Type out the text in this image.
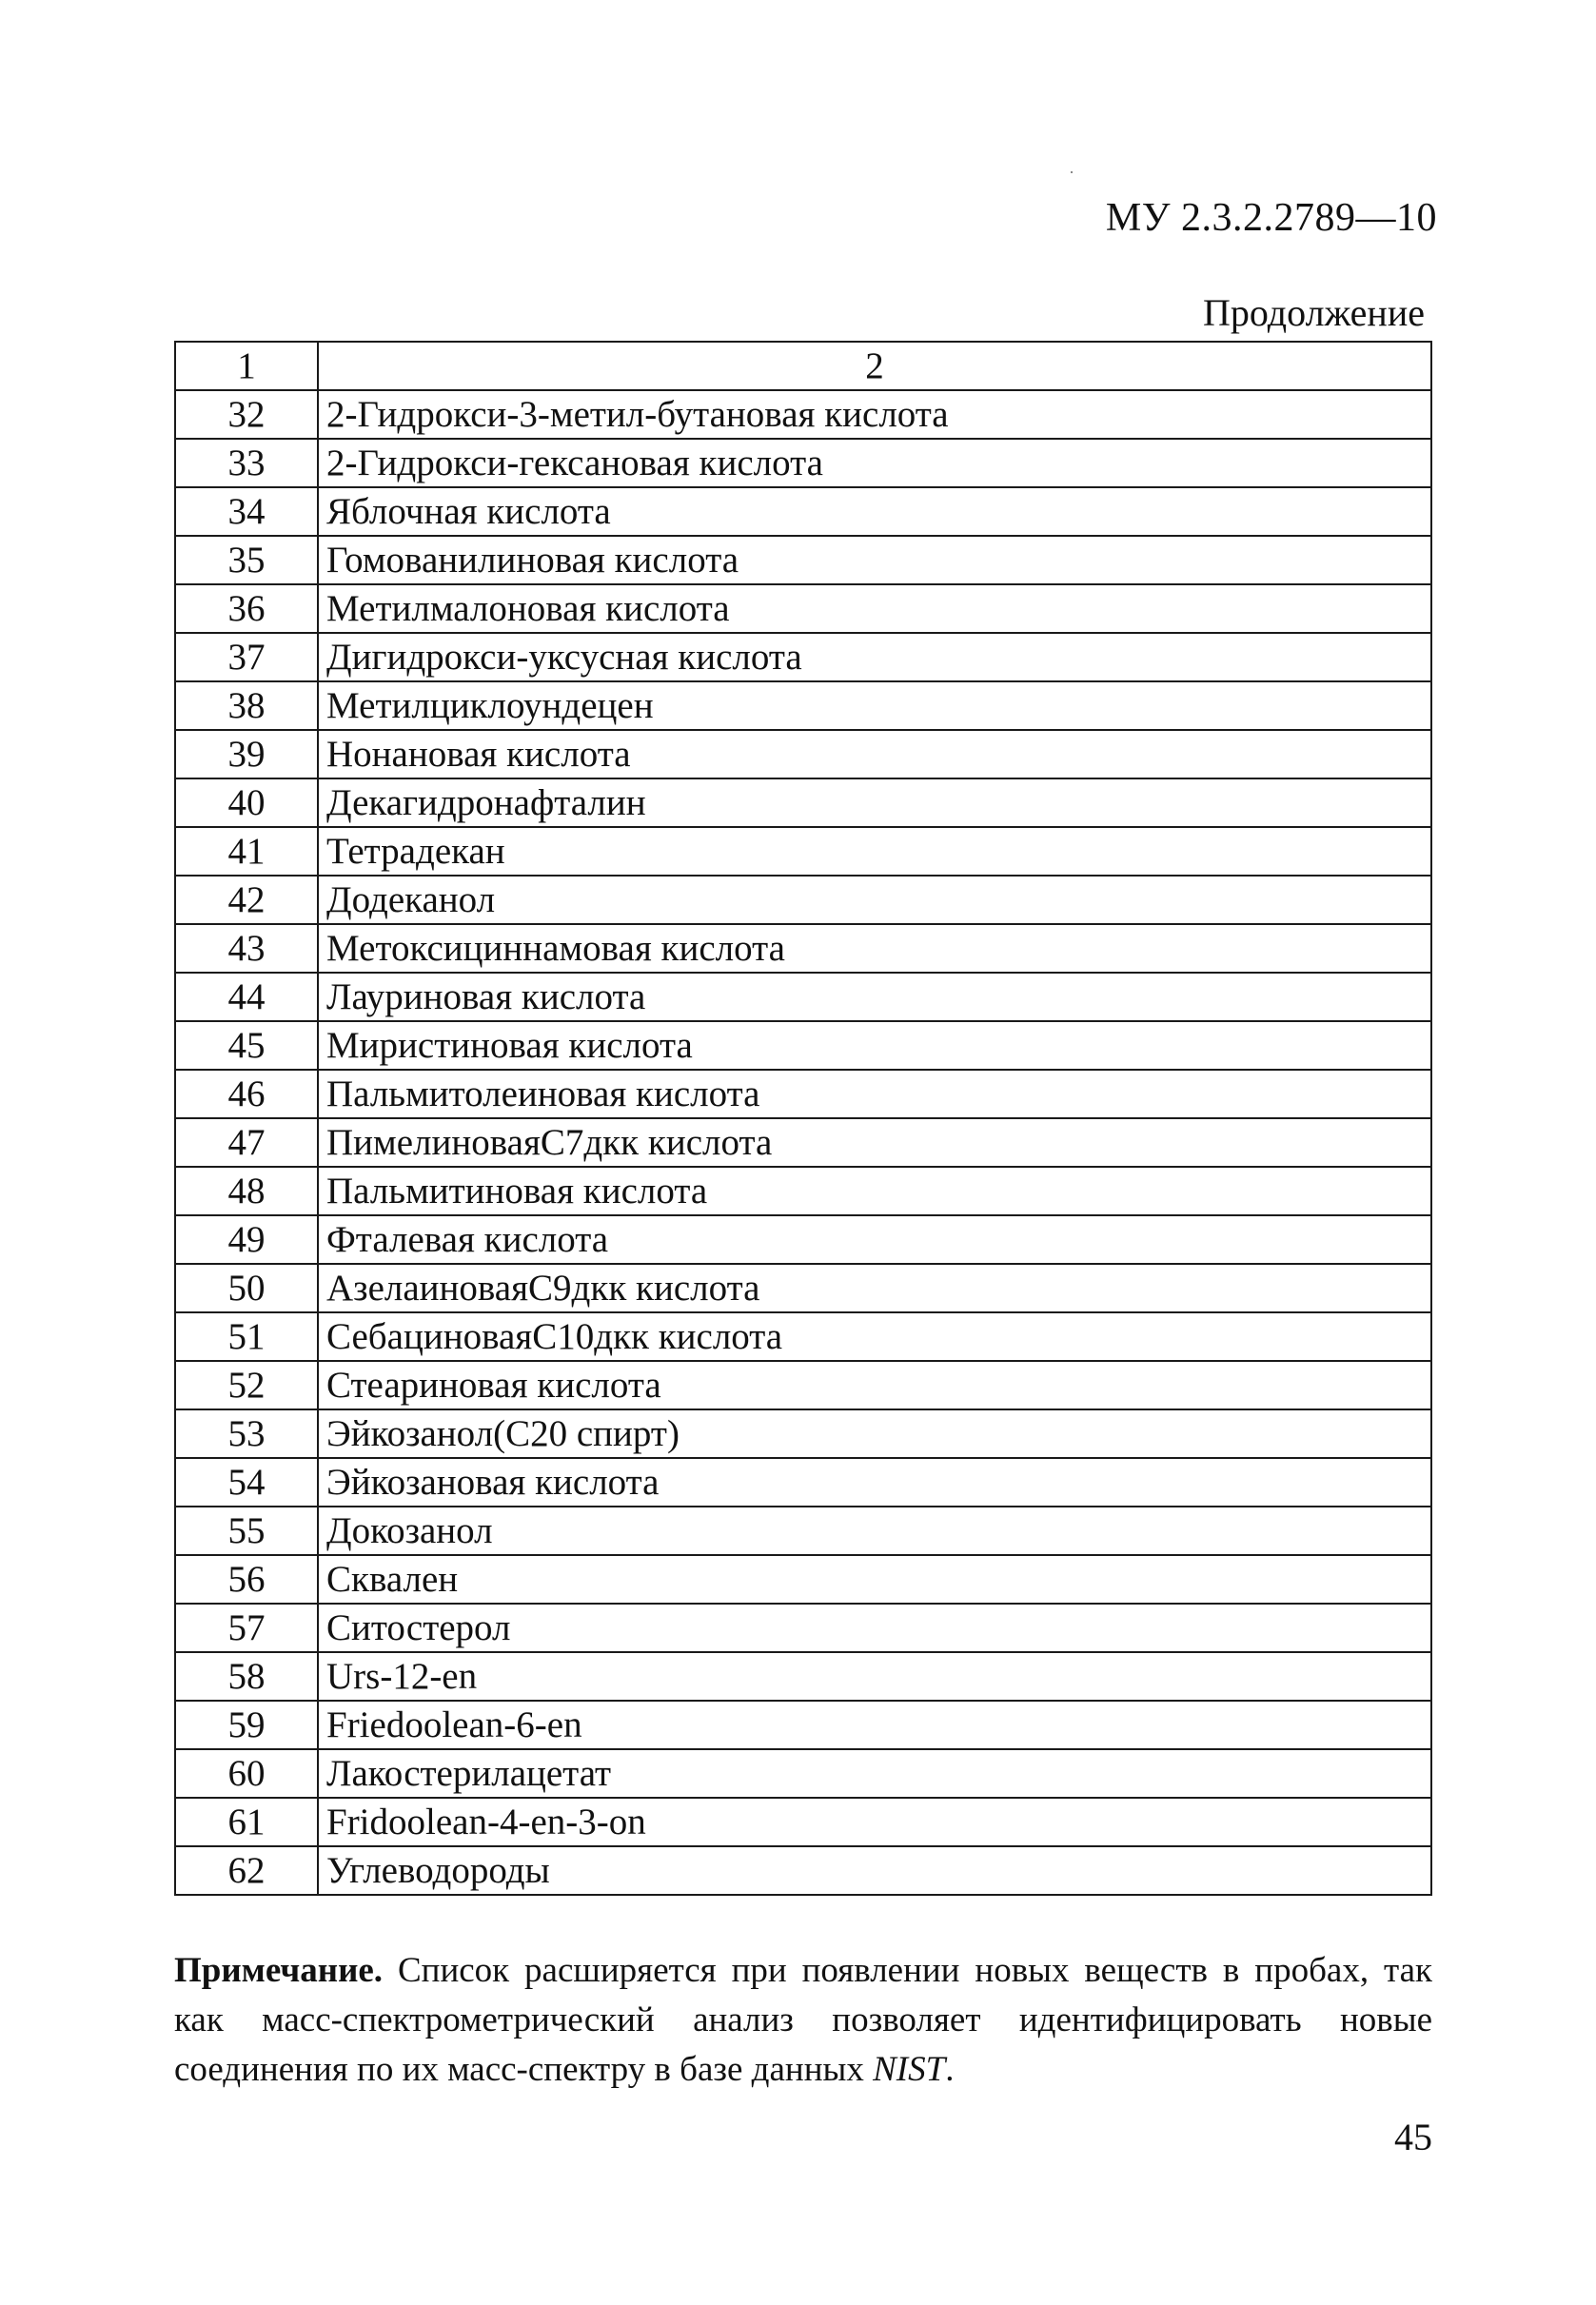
МУ 2.3.2.2789—10
Продолжение
1	2
32	2-Гидрокси-3-метил-бутановая кислота
33	2-Гидрокси-гексановая кислота
34	Яблочная кислота
35	Гомованилиновая кислота
36	Метилмалоновая кислота
37	Дигидрокси-уксусная кислота
38	Метилциклоундецен
39	Нонановая кислота
40	Декагидронафталин
41	Тетрадекан
42	Додеканол
43	Метоксициннамовая кислота
44	Лауриновая кислота
45	Миристиновая кислота
46	Пальмитолеиновая кислота
47	ПимелиноваяС7дкк кислота
48	Пальмитиновая кислота
49	Фталевая кислота
50	АзелаиноваяС9дкк кислота
51	СебациноваяС10дкк кислота
52	Стеариновая кислота
53	Эйкозанол(С20 спирт)
54	Эйкозановая кислота
55	Докозанол
56	Сквален
57	Ситостерол
58	Urs-12-en
59	Friedoolean-6-en
60	Лакостерилацетат
61	Fridoolean-4-en-3-on
62	Углеводороды
Примечание. Список расширяется при появлении новых веществ в пробах, так как масс-спектрометрический анализ позволяет идентифицировать новые соединения по их масс-спектру в базе данных NIST.
45
